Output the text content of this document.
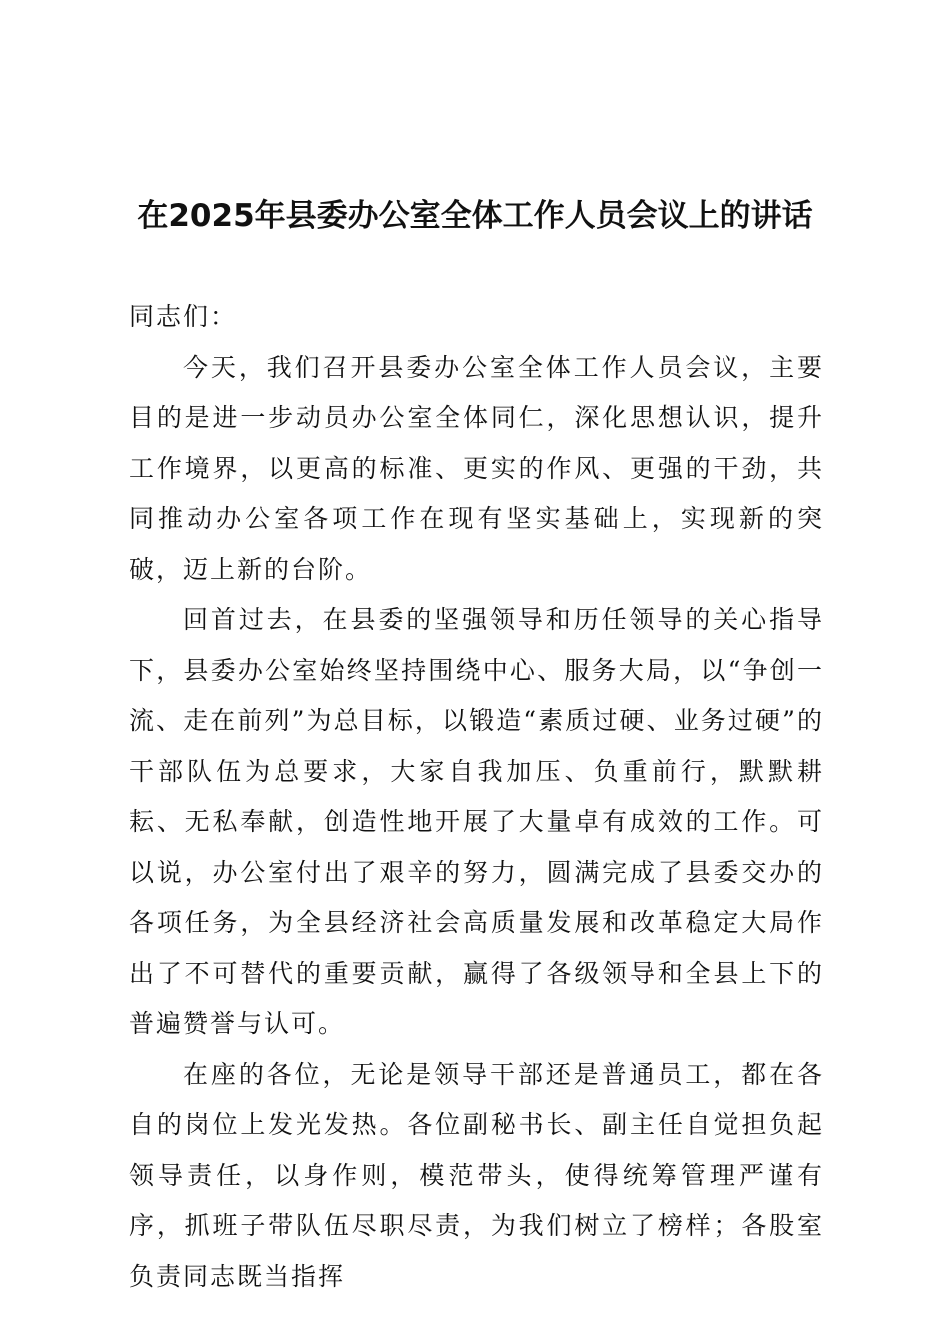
在2025年县委办公室全体工作人员会议上的讲话

同志们：

今天，我们召开县委办公室全体工作人员会议，主要目的是进一步动员办公室全体同仁，深化思想认识，提升工作境界，以更高的标准、更实的作风、更强的干劲，共同推动办公室各项工作在现有坚实基础上，实现新的突破，迈上新的台阶。

回首过去，在县委的坚强领导和历任领导的关心指导下，县委办公室始终坚持围绕中心、服务大局，以“争创一流、走在前列”为总目标，以锻造“素质过硬、业务过硬”的干部队伍为总要求，大家自我加压、负重前行，默默耕耘、无私奉献，创造性地开展了大量卓有成效的工作。可以说，办公室付出了艰辛的努力，圆满完成了县委交办的各项任务，为全县经济社会高质量发展和改革稳定大局作出了不可替代的重要贡献，赢得了各级领导和全县上下的普遍赞誉与认可。

在座的各位，无论是领导干部还是普通员工，都在各自的岗位上发光发热。各位副秘书长、副主任自觉担负起领导责任，以身作则，模范带头，使得统筹管理严谨有序，抓班子带队伍尽职尽责，为我们树立了榜样；各股室负责同志既当指挥
